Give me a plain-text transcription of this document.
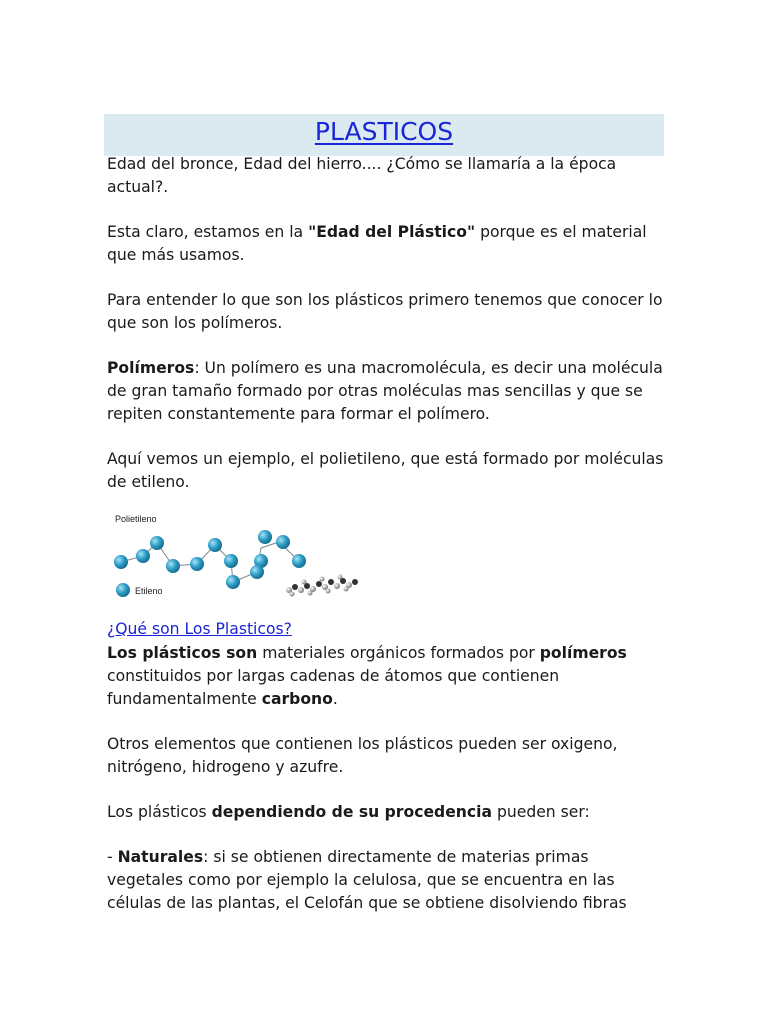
PLASTICOS

Edad del bronce, Edad del hierro.... ¿Cómo se llamaría a la época actual?.

Esta claro, estamos en la "Edad del Plástico" porque es el material que más usamos.

Para entender lo que son los plásticos primero tenemos que conocer lo que son los polímeros.

Polímeros: Un polímero es una macromolécula, es decir una molécula de gran tamaño formado por otras moléculas mas sencillas y que se repiten constantemente para formar el polímero.

Aquí vemos un ejemplo, el polietileno, que está formado por moléculas de etileno.

Polietileno
Etileno
¿Qué son Los Plasticos?

Los plásticos son materiales orgánicos formados por polímeros constituidos por largas cadenas de átomos que contienen fundamentalmente carbono.

Otros elementos que contienen los plásticos pueden ser oxigeno, nitrógeno, hidrogeno y azufre.

Los plásticos dependiendo de su procedencia pueden ser:

- Naturales: si se obtienen directamente de materias primas vegetales como por ejemplo la celulosa, que se encuentra en las células de las plantas, el Celofán que se obtiene disolviendo fibras
